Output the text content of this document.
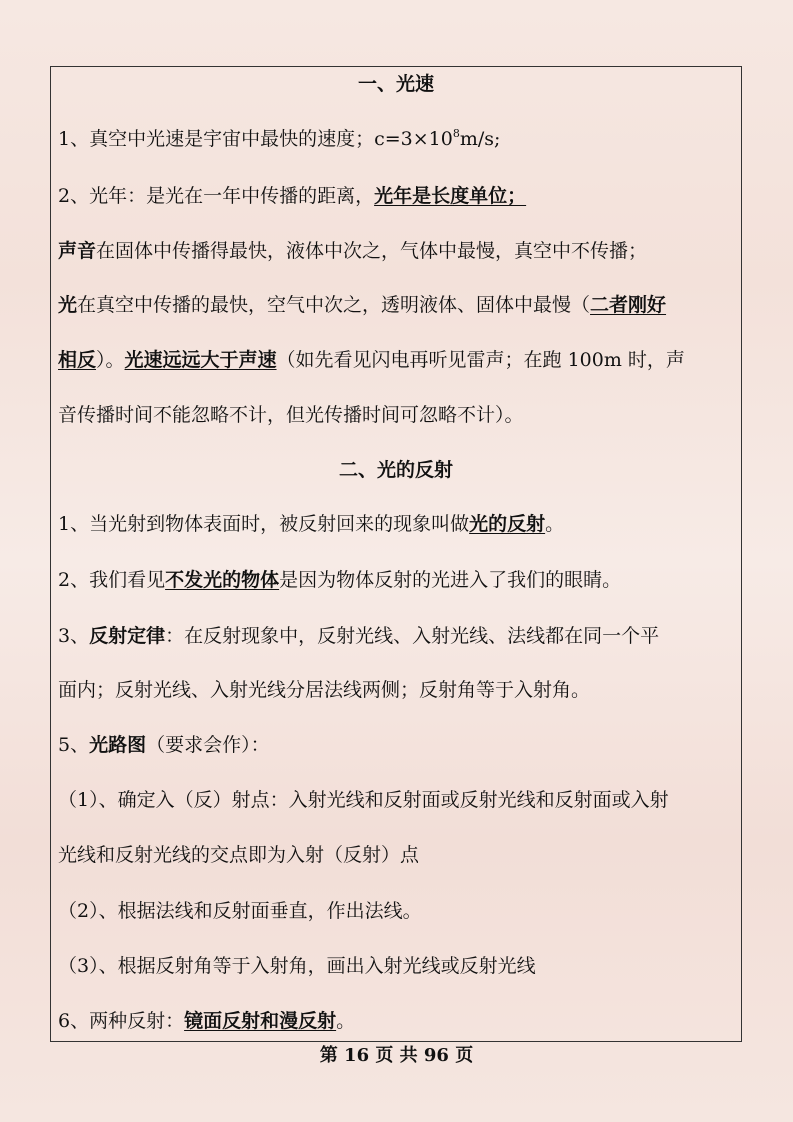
一、光速
1、真空中光速是宇宙中最快的速度；$c=3\times 10^8m/s$;
2、光年：是光在一年中传播的距离，光年是长度单位；
声音在固体中传播得最快，液体中次之，气体中最慢，真空中不传播；
光在真空中传播的最快，空气中次之，透明液体、固体中最慢（二者刚好
相反）。光速远远大于声速（如先看见闪电再听见雷声；在跑 100m 时，声
音传播时间不能忽略不计，但光传播时间可忽略不计）。
二、光的反射
1、当光射到物体表面时，被反射回来的现象叫做光的反射。
2、我们看见不发光的物体是因为物体反射的光进入了我们的眼睛。
3、反射定律：在反射现象中，反射光线、入射光线、法线都在同一个平
面内；反射光线、入射光线分居法线两侧；反射角等于入射角。
5、光路图（要求会作）：
（1）、确定入（反）射点：入射光线和反射面或反射光线和反射面或入射
光线和反射光线的交点即为入射（反射）点
（2）、根据法线和反射面垂直，作出法线。
（3）、根据反射角等于入射角，画出入射光线或反射光线
6、两种反射：镜面反射和漫反射。
第 16 页 共 96 页
